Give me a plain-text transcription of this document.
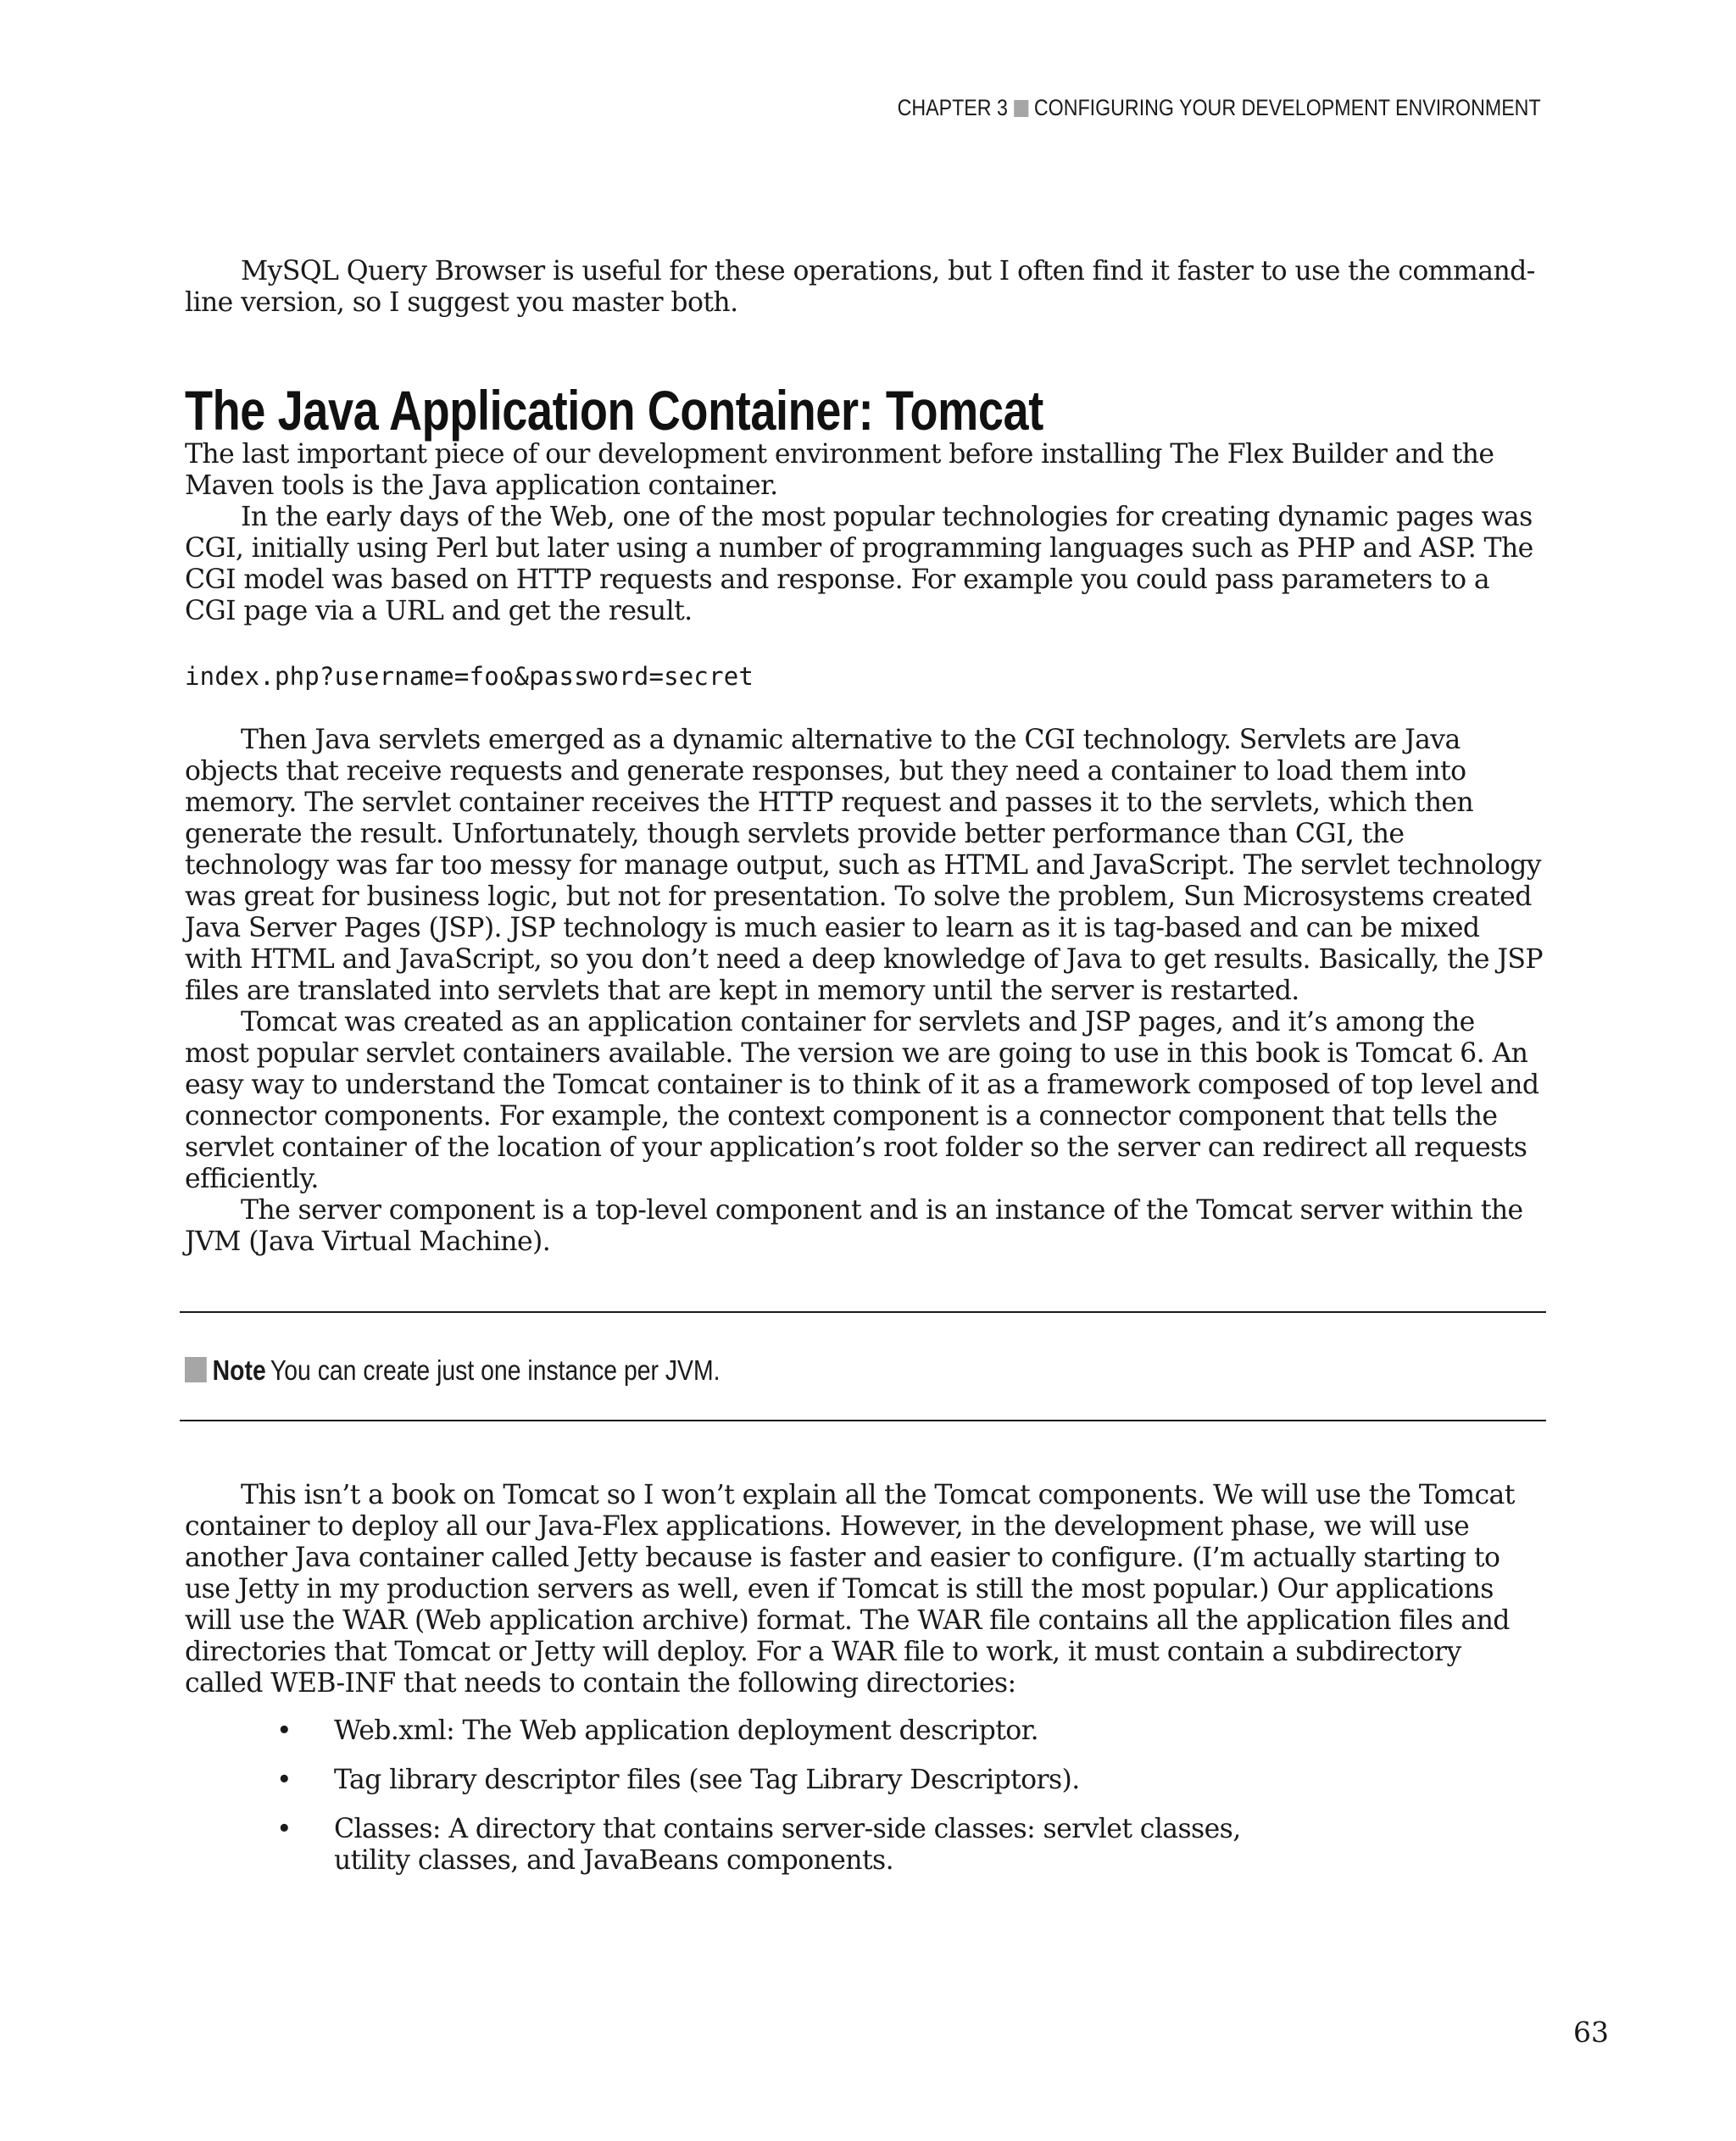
CHAPTER 3 CONFIGURING YOUR DEVELOPMENT ENVIRONMENT

MySQL Query Browser is useful for these operations, but I often find it faster to use the command-line version, so I suggest you master both.

The Java Application Container: Tomcat

The last important piece of our development environment before installing The Flex Builder and the Maven tools is the Java application container.

In the early days of the Web, one of the most popular technologies for creating dynamic pages was CGI, initially using Perl but later using a number of programming languages such as PHP and ASP. The CGI model was based on HTTP requests and response. For example you could pass parameters to a CGI page via a URL and get the result.

index.php?username=foo&password=secret

Then Java servlets emerged as a dynamic alternative to the CGI technology. Servlets are Java objects that receive requests and generate responses, but they need a container to load them into memory. The servlet container receives the HTTP request and passes it to the servlets, which then generate the result. Unfortunately, though servlets provide better performance than CGI, the technology was far too messy for manage output, such as HTML and JavaScript. The servlet technology was great for business logic, but not for presentation. To solve the problem, Sun Microsystems created Java Server Pages (JSP). JSP technology is much easier to learn as it is tag-based and can be mixed with HTML and JavaScript, so you don’t need a deep knowledge of Java to get results. Basically, the JSP files are translated into servlets that are kept in memory until the server is restarted.

Tomcat was created as an application container for servlets and JSP pages, and it’s among the most popular servlet containers available. The version we are going to use in this book is Tomcat 6. An easy way to understand the Tomcat container is to think of it as a framework composed of top level and connector components. For example, the context component is a connector component that tells the servlet container of the location of your application’s root folder so the server can redirect all requests efficiently.

The server component is a top-level component and is an instance of the Tomcat server within the JVM (Java Virtual Machine).

Note You can create just one instance per JVM.

This isn’t a book on Tomcat so I won’t explain all the Tomcat components. We will use the Tomcat container to deploy all our Java-Flex applications. However, in the development phase, we will use another Java container called Jetty because is faster and easier to configure. (I’m actually starting to use Jetty in my production servers as well, even if Tomcat is still the most popular.) Our applications will use the WAR (Web application archive) format. The WAR file contains all the application files and directories that Tomcat or Jetty will deploy. For a WAR file to work, it must contain a subdirectory called WEB-INF that needs to contain the following directories:

• Web.xml: The Web application deployment descriptor.
• Tag library descriptor files (see Tag Library Descriptors).
• Classes: A directory that contains server-side classes: servlet classes, utility classes, and JavaBeans components.
63
